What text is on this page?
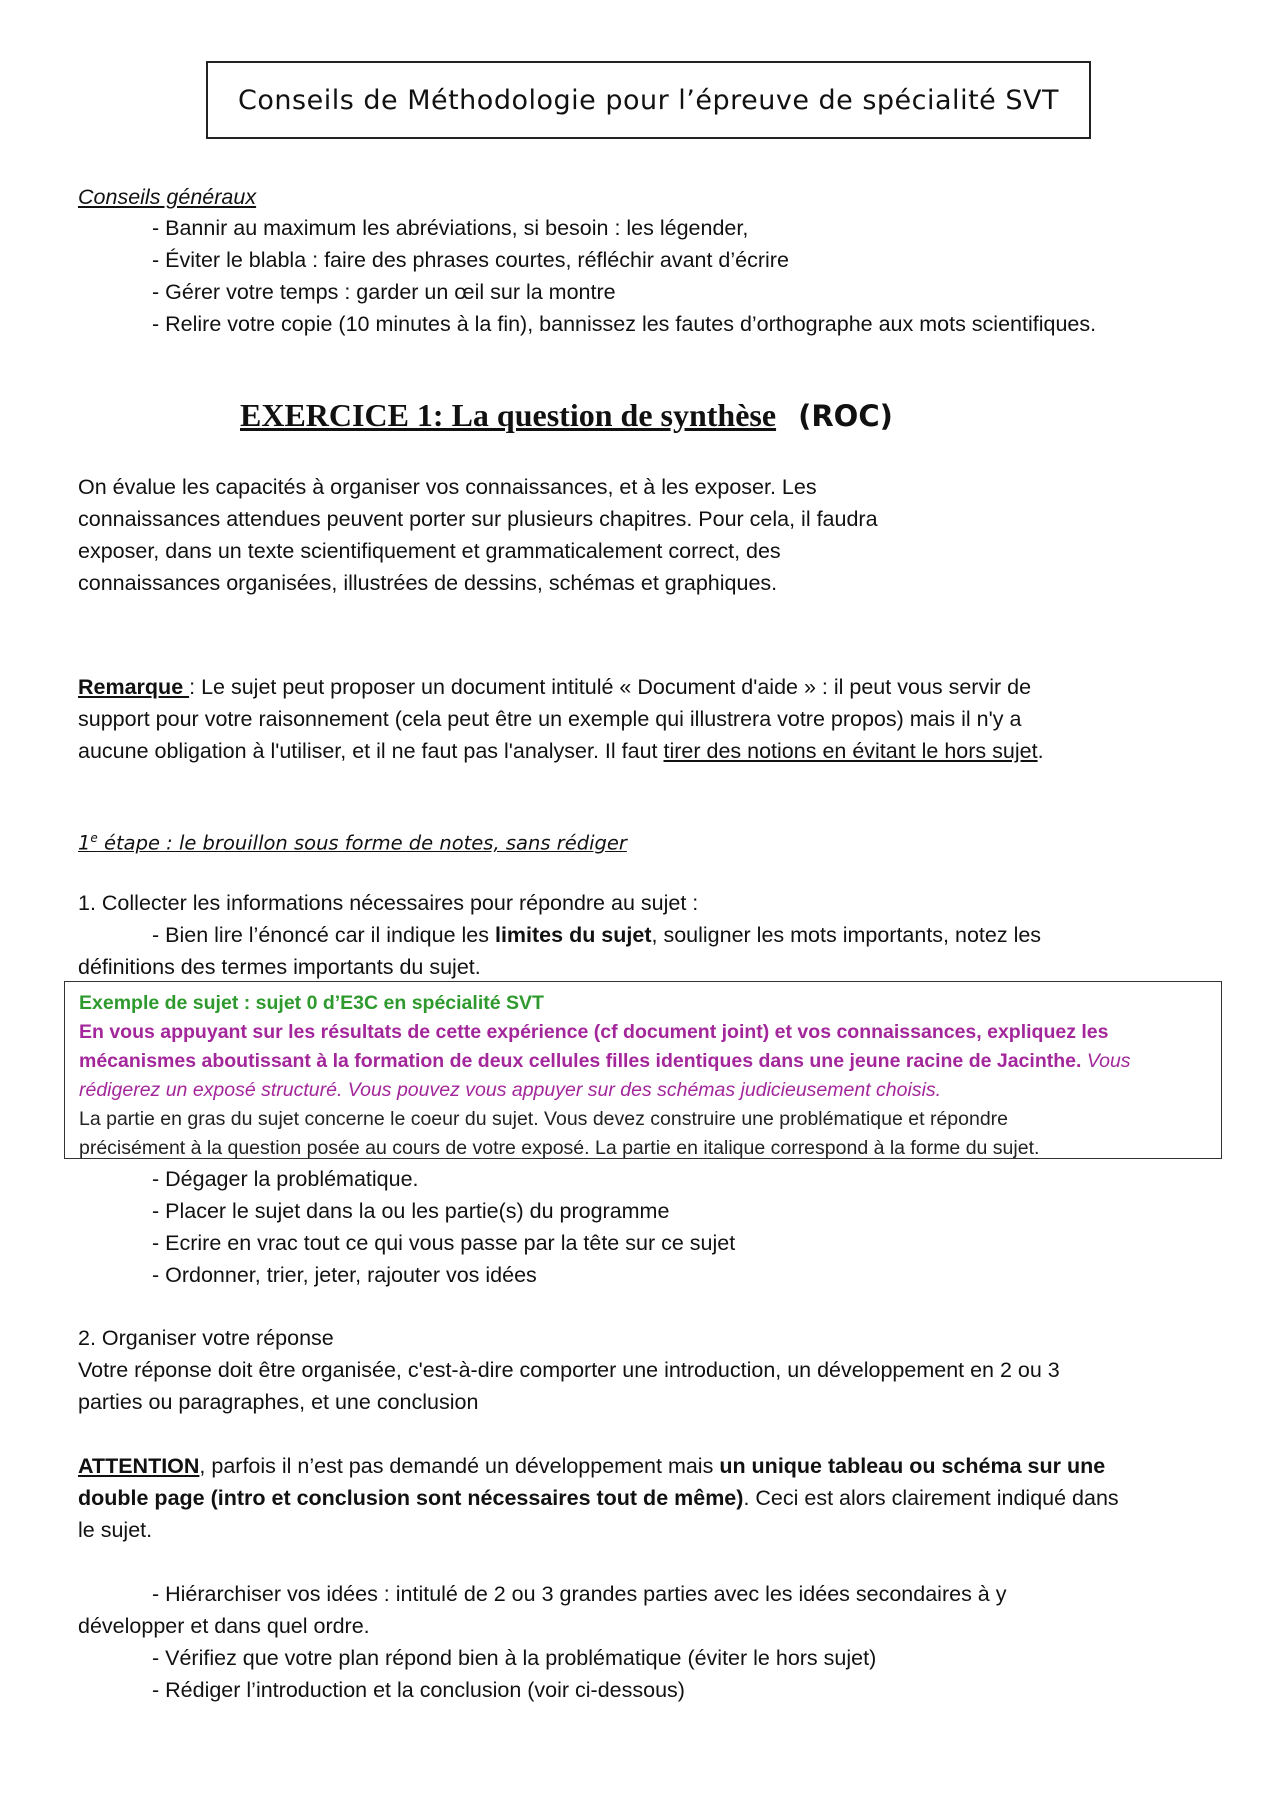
Conseils de Méthodologie pour l’épreuve de spécialité SVT
Conseils généraux
- Bannir au maximum les abréviations, si besoin : les légender,
- Éviter le blabla : faire des phrases courtes, réfléchir avant d’écrire
- Gérer votre temps : garder un œil sur la montre
- Relire votre copie (10 minutes à la fin), bannissez les fautes d’orthographe aux mots scientifiques.
EXERCICE 1: La question de synthèse (ROC)
On évalue les capacités à organiser vos connaissances, et à les exposer. Les
connaissances attendues peuvent porter sur plusieurs chapitres. Pour cela, il faudra
exposer, dans un texte scientifiquement et grammaticalement correct, des
connaissances organisées, illustrées de dessins, schémas et graphiques.
Remarque : Le sujet peut proposer un document intitulé « Document d'aide » : il peut vous servir de
support pour votre raisonnement (cela peut être un exemple qui illustrera votre propos) mais il n'y a
aucune obligation à l'utiliser, et il ne faut pas l'analyser. Il faut tirer des notions en évitant le hors sujet.
1e étape : le brouillon sous forme de notes, sans rédiger
1. Collecter les informations nécessaires pour répondre au sujet :
- Bien lire l’énoncé car il indique les limites du sujet, souligner les mots importants, notez les
définitions des termes importants du sujet.
Exemple de sujet : sujet 0 d’E3C en spécialité SVT
En vous appuyant sur les résultats de cette expérience (cf document joint) et vos connaissances, expliquez les
mécanismes aboutissant à la formation de deux cellules filles identiques dans une jeune racine de Jacinthe. Vous
rédigerez un exposé structuré. Vous pouvez vous appuyer sur des schémas judicieusement choisis.
La partie en gras du sujet concerne le coeur du sujet. Vous devez construire une problématique et répondre
précisément à la question posée au cours de votre exposé. La partie en italique correspond à la forme du sujet.
- Dégager la problématique.
- Placer le sujet dans la ou les partie(s) du programme
- Ecrire en vrac tout ce qui vous passe par la tête sur ce sujet
- Ordonner, trier, jeter, rajouter vos idées
2. Organiser votre réponse
Votre réponse doit être organisée, c'est-à-dire comporter une introduction, un développement en 2 ou 3
parties ou paragraphes, et une conclusion
ATTENTION, parfois il n’est pas demandé un développement mais un unique tableau ou schéma sur une
double page (intro et conclusion sont nécessaires tout de même). Ceci est alors clairement indiqué dans
le sujet.
- Hiérarchiser vos idées : intitulé de 2 ou 3 grandes parties avec les idées secondaires à y
développer et dans quel ordre.
- Vérifiez que votre plan répond bien à la problématique (éviter le hors sujet)
- Rédiger l’introduction et la conclusion (voir ci-dessous)
